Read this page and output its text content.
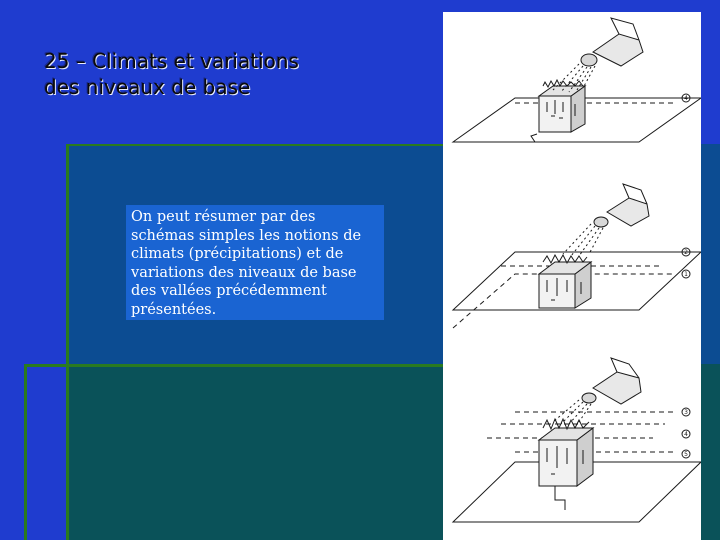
25 – Climats et variations
des niveaux de base
On peut résumer par des schémas simples les notions de climats (précipitations) et de variations des niveaux de base des vallées précédemment présentées.
4
2
1
3
4
5
